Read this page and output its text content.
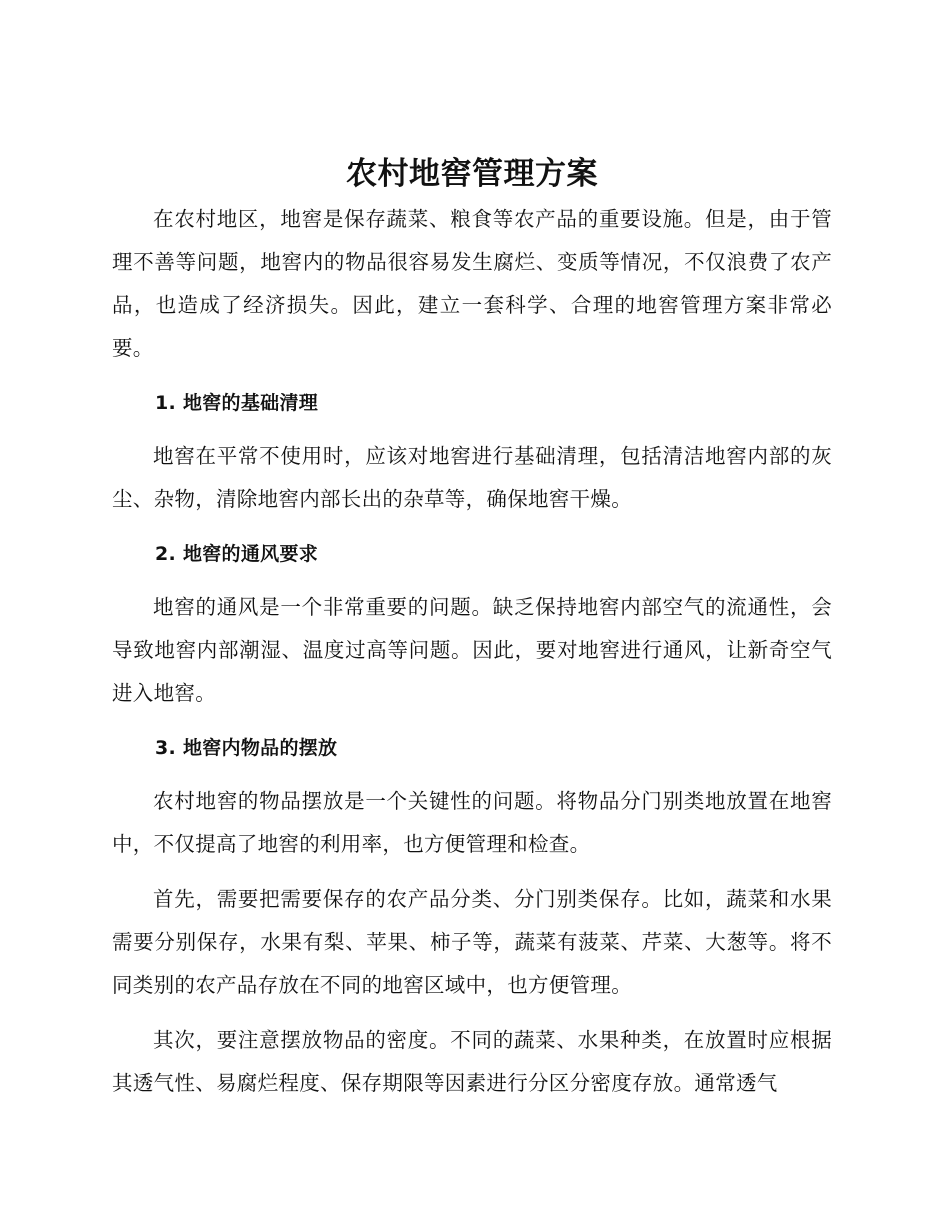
农村地窖管理方案

在农村地区，地窖是保存蔬菜、粮食等农产品的重要设施。但是，由于管理不善等问题，地窖内的物品很容易发生腐烂、变质等情况，不仅浪费了农产品，也造成了经济损失。因此，建立一套科学、合理的地窖管理方案非常必要。

1. 地窖的基础清理

地窖在平常不使用时，应该对地窖进行基础清理，包括清洁地窖内部的灰尘、杂物，清除地窖内部长出的杂草等，确保地窖干燥。

2. 地窖的通风要求

地窖的通风是一个非常重要的问题。缺乏保持地窖内部空气的流通性，会导致地窖内部潮湿、温度过高等问题。因此，要对地窖进行通风，让新奇空气进入地窖。

3. 地窖内物品的摆放

农村地窖的物品摆放是一个关键性的问题。将物品分门别类地放置在地窖中，不仅提高了地窖的利用率，也方便管理和检查。

首先，需要把需要保存的农产品分类、分门别类保存。比如，蔬菜和水果需要分别保存，水果有梨、苹果、柿子等，蔬菜有菠菜、芹菜、大葱等。将不同类别的农产品存放在不同的地窖区域中，也方便管理。

其次，要注意摆放物品的密度。不同的蔬菜、水果种类，在放置时应根据其透气性、易腐烂程度、保存期限等因素进行分区分密度存放。通常透气
